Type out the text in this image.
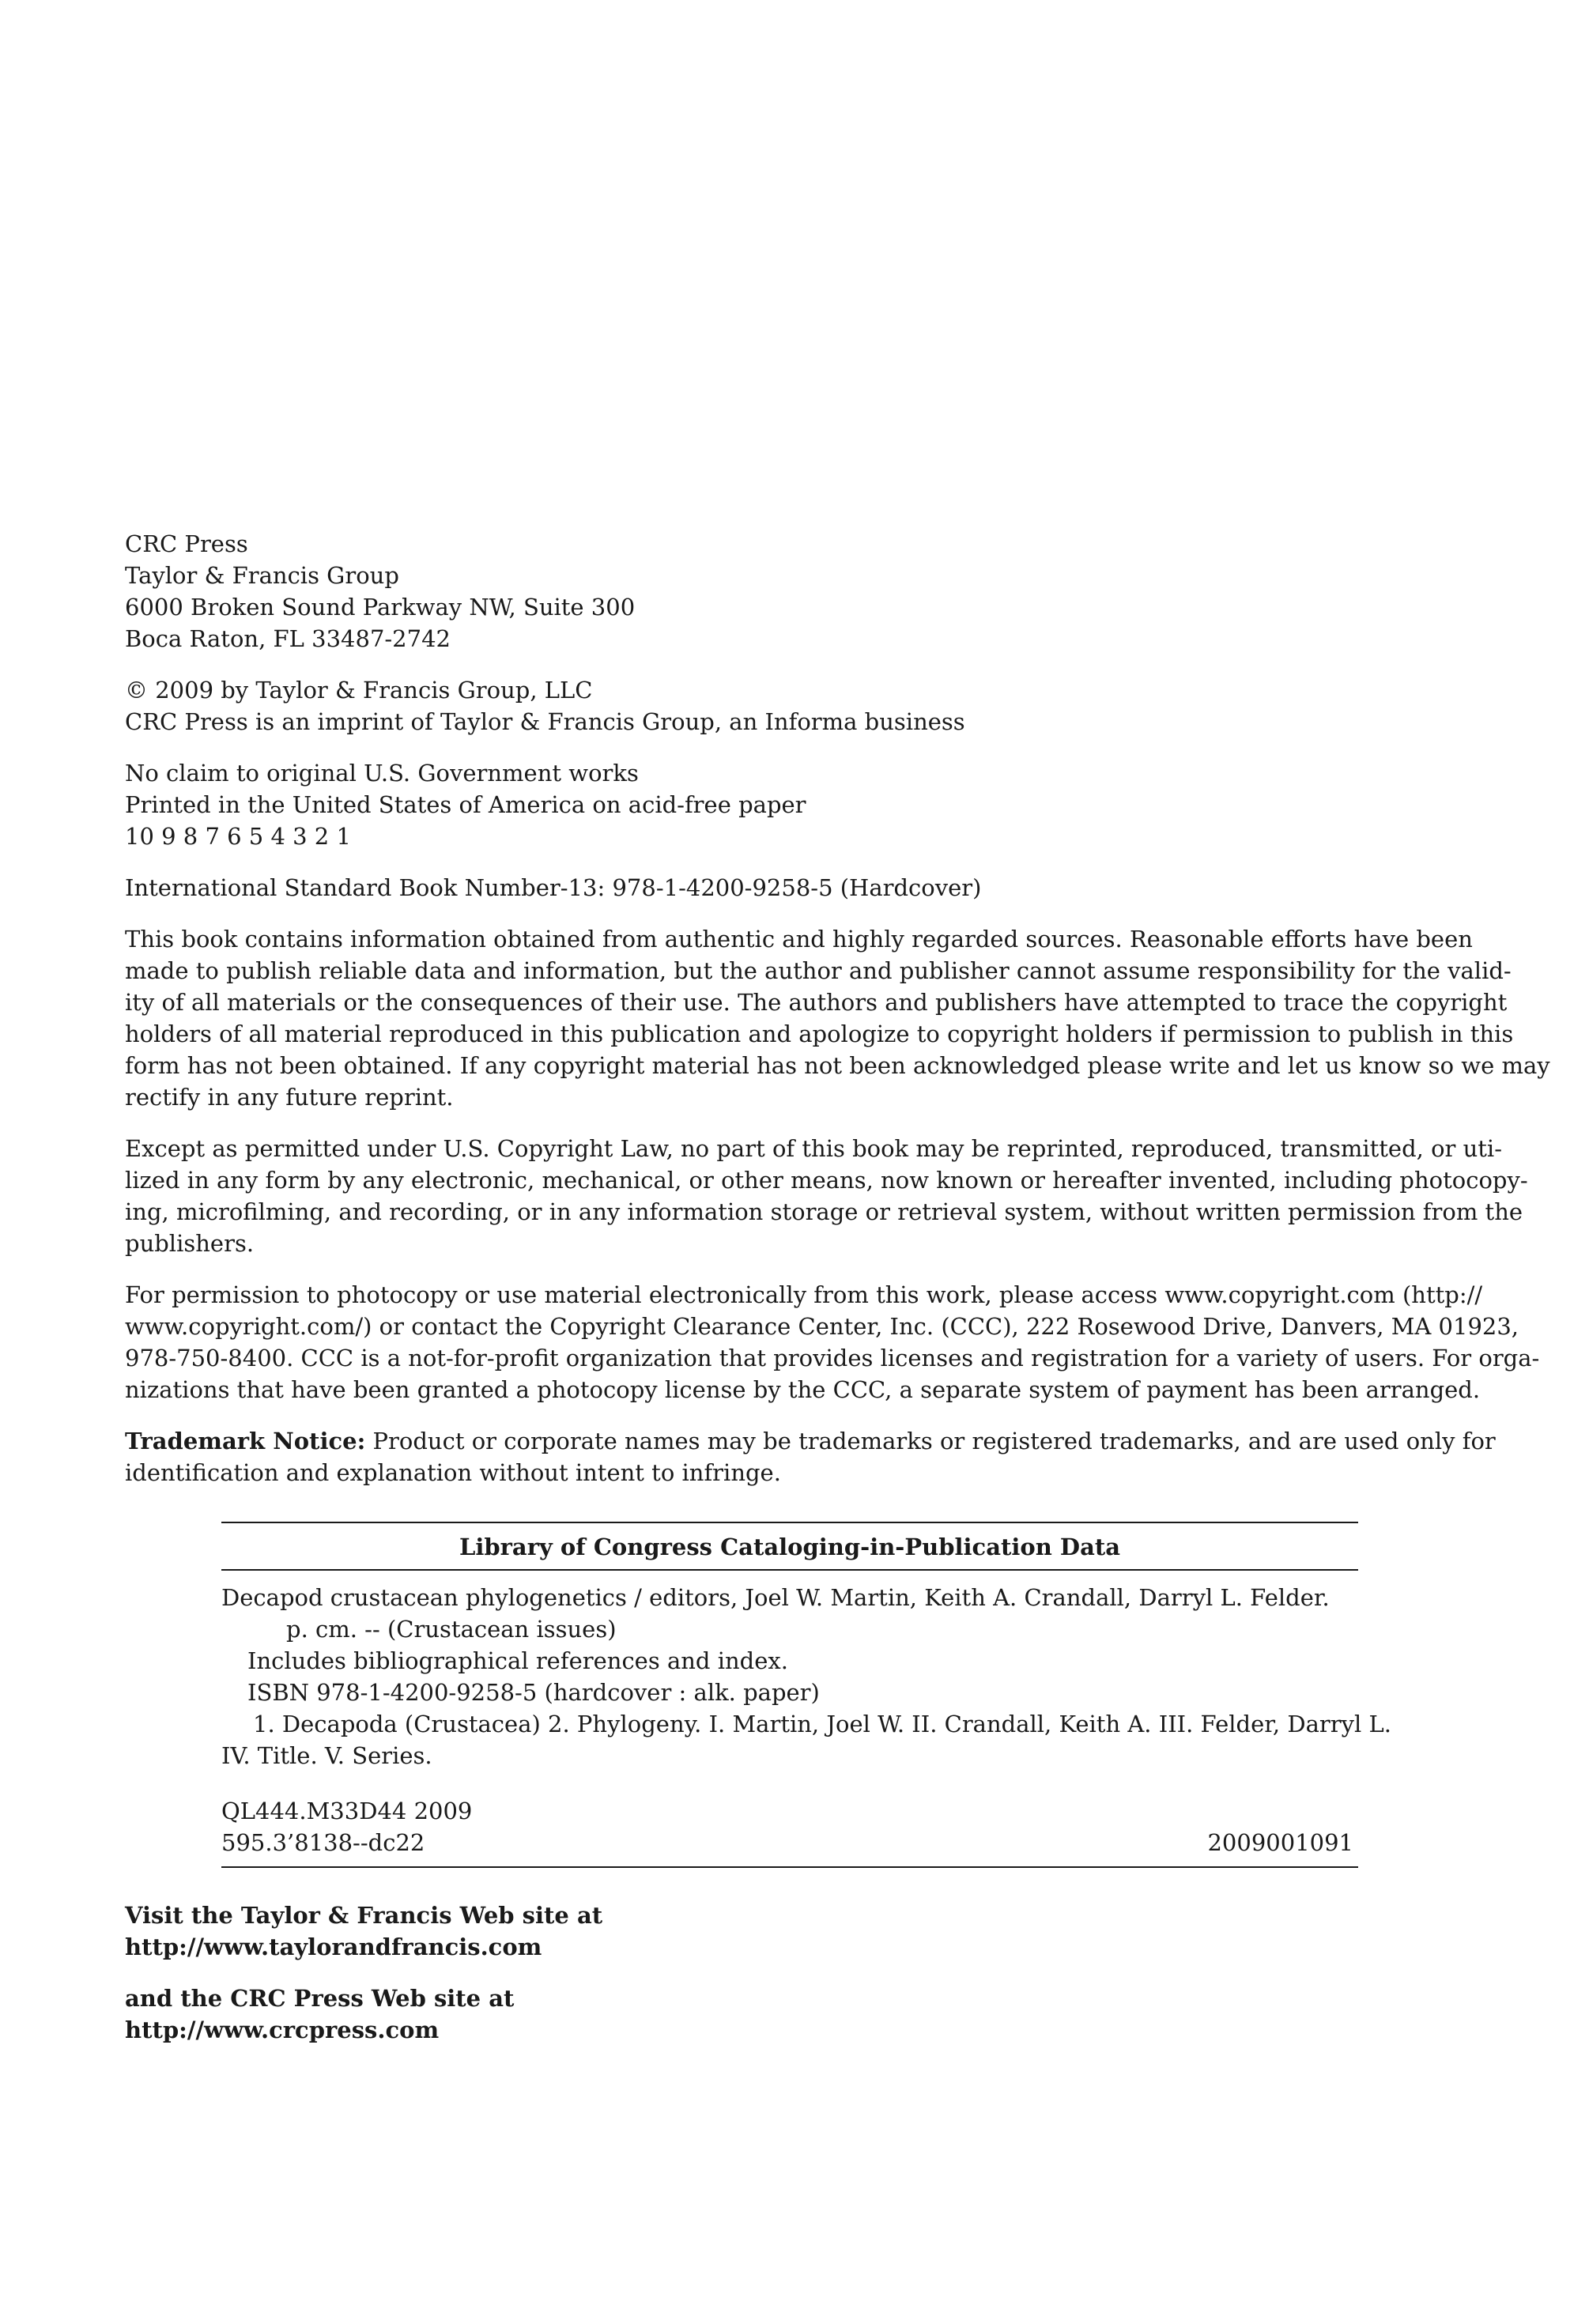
CRC Press
Taylor & Francis Group
6000 Broken Sound Parkway NW, Suite 300
Boca Raton, FL 33487-2742
© 2009 by Taylor & Francis Group, LLC
CRC Press is an imprint of Taylor & Francis Group, an Informa business
No claim to original U.S. Government works
Printed in the United States of America on acid-free paper
10 9 8 7 6 5 4 3 2 1
International Standard Book Number-13: 978-1-4200-9258-5 (Hardcover)
This book contains information obtained from authentic and highly regarded sources. Reasonable efforts have been
made to publish reliable data and information, but the author and publisher cannot assume responsibility for the valid-
ity of all materials or the consequences of their use. The authors and publishers have attempted to trace the copyright
holders of all material reproduced in this publication and apologize to copyright holders if permission to publish in this
form has not been obtained. If any copyright material has not been acknowledged please write and let us know so we may
rectify in any future reprint.
Except as permitted under U.S. Copyright Law, no part of this book may be reprinted, reproduced, transmitted, or uti-
lized in any form by any electronic, mechanical, or other means, now known or hereafter invented, including photocopy-
ing, microfilming, and recording, or in any information storage or retrieval system, without written permission from the
publishers.
For permission to photocopy or use material electronically from this work, please access www.copyright.com (http://
www.copyright.com/) or contact the Copyright Clearance Center, Inc. (CCC), 222 Rosewood Drive, Danvers, MA 01923,
978-750-8400. CCC is a not-for-profit organization that provides licenses and registration for a variety of users. For orga-
nizations that have been granted a photocopy license by the CCC, a separate system of payment has been arranged.
Trademark Notice: Product or corporate names may be trademarks or registered trademarks, and are used only for
identification and explanation without intent to infringe.
Library of Congress Cataloging-in-Publication Data
Decapod crustacean phylogenetics / editors, Joel W. Martin, Keith A. Crandall, Darryl L. Felder.
p. cm. -- (Crustacean issues)
Includes bibliographical references and index.
ISBN 978-1-4200-9258-5 (hardcover : alk. paper)
1. Decapoda (Crustacea) 2. Phylogeny. I. Martin, Joel W. II. Crandall, Keith A. III. Felder, Darryl L.
IV. Title. V. Series.
QL444.M33D44 2009
595.3’8138--dc22	2009001091
Visit the Taylor & Francis Web site at
http://www.taylorandfrancis.com
and the CRC Press Web site at
http://www.crcpress.com
